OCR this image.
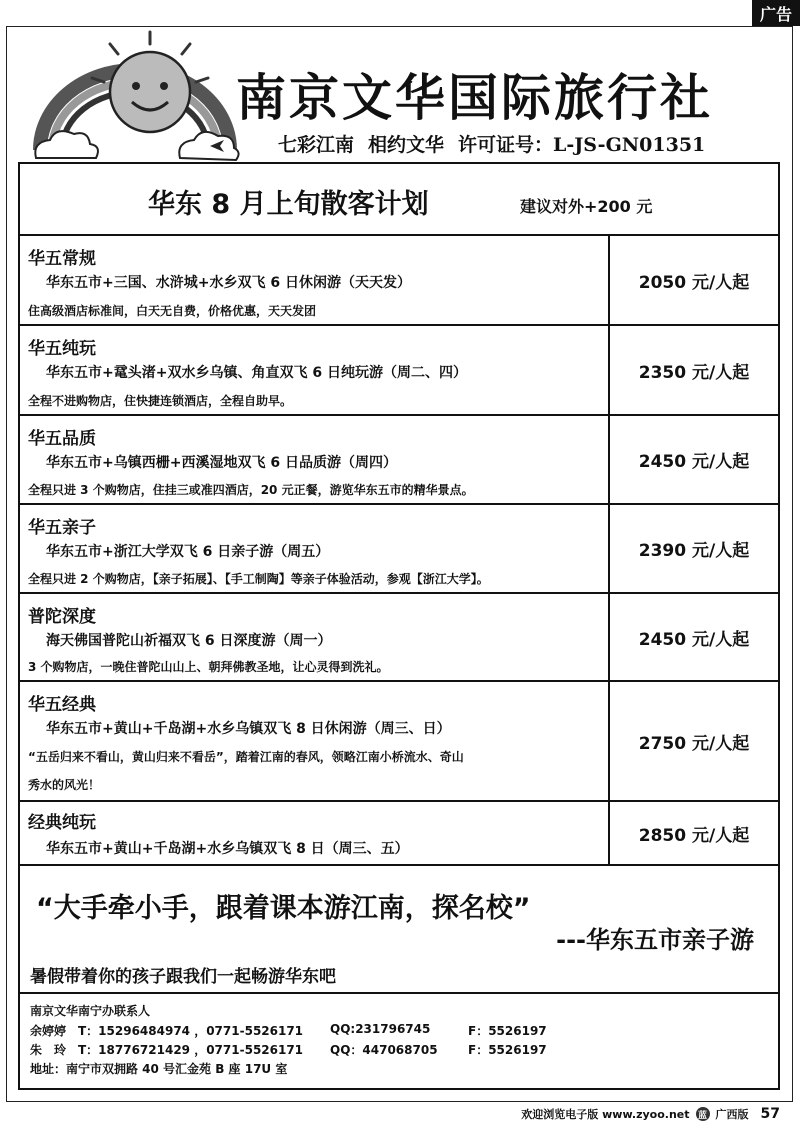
广告
南京文华国际旅行社
七彩江南 相约文华 许可证号：L-JS-GN01351
华东 8 月上旬散客计划	建议对外+200 元
华五常规
华东五市+三国、水浒城+水乡双飞 6 日休闲游（天天发）
住高级酒店标准间，白天无自费，价格优惠，天天发团
2050 元/人起
华五纯玩
华东五市+鼋头渚+双水乡乌镇、角直双飞 6 日纯玩游（周二、四）
全程不进购物店，住快捷连锁酒店，全程自助早。
2350 元/人起
华五品质
华东五市+乌镇西栅+西溪湿地双飞 6 日品质游（周四）
全程只进 3 个购物店，住挂三或准四酒店，20 元正餐，游览华东五市的精华景点。
2450 元/人起
华五亲子
华东五市+浙江大学双飞 6 日亲子游（周五）
全程只进 2 个购物店，【亲子拓展】、【手工制陶】等亲子体验活动，参观【浙江大学】。
2390 元/人起
普陀深度
海天佛国普陀山祈福双飞 6 日深度游（周一）
3 个购物店，一晚住普陀山山上、朝拜佛教圣地，让心灵得到洗礼。
2450 元/人起
华五经典
华东五市+黄山+千岛湖+水乡乌镇双飞 8 日休闲游（周三、日）
“五岳归来不看山，黄山归来不看岳”，踏着江南的春风，领略江南小桥流水、奇山
秀水的风光！
2750 元/人起
经典纯玩
华东五市+黄山+千岛湖+水乡乌镇双飞 8 日（周三、五）
2850 元/人起
“大手牵小手，跟着课本游江南，探名校”
---华东五市亲子游
暑假带着你的孩子跟我们一起畅游华东吧
南京文华南宁办联系人
余婷婷 T：15296484974 ，0771-5526171 QQ:231796745	F：5526197
朱　玲 T：18776721429 ，0771-5526171 QQ：447068705	F：5526197
地址：南宁市双拥路 40 号汇金苑 B 座 17U 室
欢迎浏览电子版 www.zyoo.net 蓝 广西版 57
